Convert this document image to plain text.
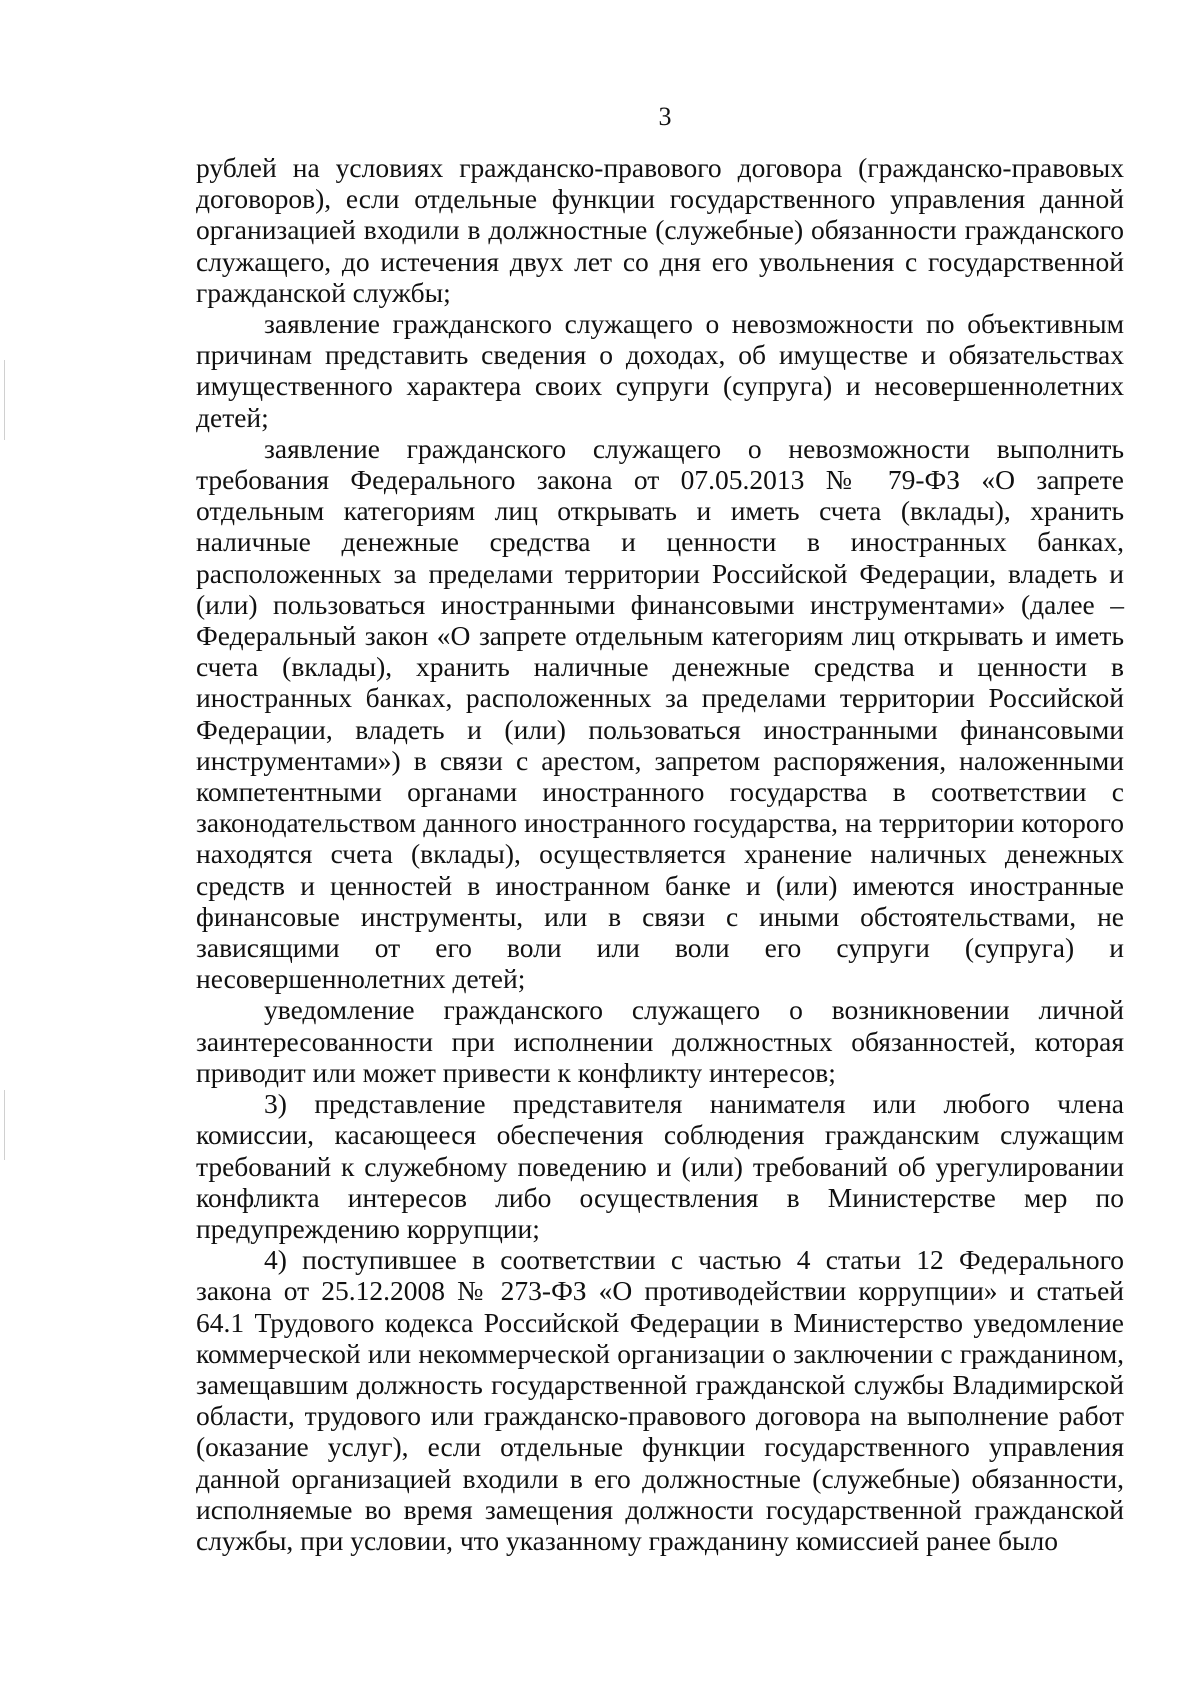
3

рублей на условиях гражданско-правового договора (гражданско-правовых договоров), если отдельные функции государственного управления данной организацией входили в должностные (служебные) обязанности гражданского служащего, до истечения двух лет со дня его увольнения с государственной гражданской службы;

заявление гражданского служащего о невозможности по объективным причинам представить сведения о доходах, об имуществе и обязательствах имущественного характера своих супруги (супруга) и несовершеннолетних детей;

заявление гражданского служащего о невозможности выполнить требования Федерального закона от 07.05.2013 № 79-ФЗ «О запрете отдельным категориям лиц открывать и иметь счета (вклады), хранить наличные денежные средства и ценности в иностранных банках, расположенных за пределами территории Российской Федерации, владеть и (или) пользоваться иностранными финансовыми инструментами» (далее – Федеральный закон «О запрете отдельным категориям лиц открывать и иметь счета (вклады), хранить наличные денежные средства и ценности в иностранных банках, расположенных за пределами территории Российской Федерации, владеть и (или) пользоваться иностранными финансовыми инструментами») в связи с арестом, запретом распоряжения, наложенными компетентными органами иностранного государства в соответствии с законодательством данного иностранного государства, на территории которого находятся счета (вклады), осуществляется хранение наличных денежных средств и ценностей в иностранном банке и (или) имеются иностранные финансовые инструменты, или в связи с иными обстоятельствами, не зависящими от его воли или воли его супруги (супруга) и несовершеннолетних детей;

уведомление гражданского служащего о возникновении личной заинтересованности при исполнении должностных обязанностей, которая приводит или может привести к конфликту интересов;

3) представление представителя нанимателя или любого члена комиссии, касающееся обеспечения соблюдения гражданским служащим требований к служебному поведению и (или) требований об урегулировании конфликта интересов либо осуществления в Министерстве мер по предупреждению коррупции;

4) поступившее в соответствии с частью 4 статьи 12 Федерального закона от 25.12.2008 № 273-ФЗ «О противодействии коррупции» и статьей 64.1 Трудового кодекса Российской Федерации в Министерство уведомление коммерческой или некоммерческой организации о заключении с гражданином, замещавшим должность государственной гражданской службы Владимирской области, трудового или гражданско-правового договора на выполнение работ (оказание услуг), если отдельные функции государственного управления данной организацией входили в его должностные (служебные) обязанности, исполняемые во время замещения должности государственной гражданской службы, при условии, что указанному гражданину комиссией ранее было
